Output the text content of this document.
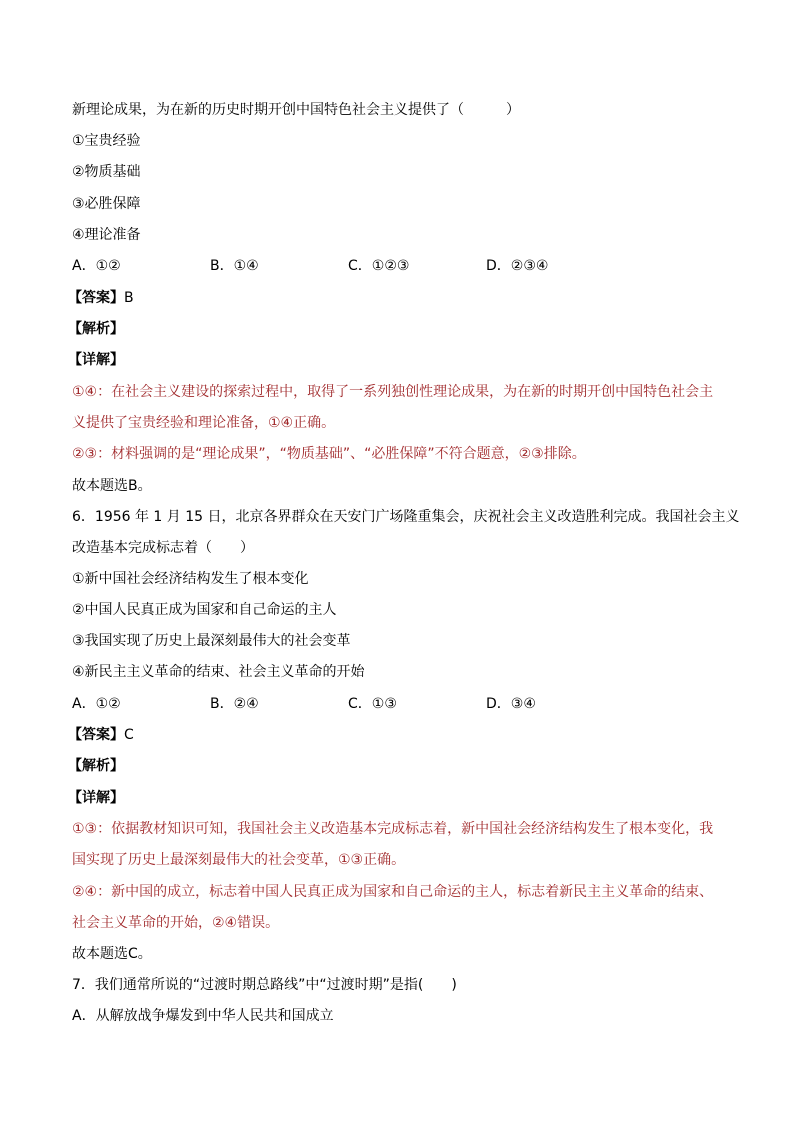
新理论成果，为在新的历史时期开创中国特色社会主义提供了（　　　）
①宝贵经验
②物质基础
③必胜保障
④理论准备
A．①②	B．①④	C．①②③	D．②③④
【答案】B
【解析】
【详解】
①④：在社会主义建设的探索过程中，取得了一系列独创性理论成果，为在新的时期开创中国特色社会主
义提供了宝贵经验和理论准备，①④正确。
②③：材料强调的是“理论成果”，“物质基础”、“必胜保障”不符合题意，②③排除。
故本题选B。
6．1956 年 1 月 15 日，北京各界群众在天安门广场隆重集会，庆祝社会主义改造胜利完成。我国社会主义
改造基本完成标志着（　　）
①新中国社会经济结构发生了根本变化
②中国人民真正成为国家和自己命运的主人
③我国实现了历史上最深刻最伟大的社会变革
④新民主主义革命的结束、社会主义革命的开始
A．①②	B．②④	C．①③	D．③④
【答案】C
【解析】
【详解】
①③：依据教材知识可知，我国社会主义改造基本完成标志着，新中国社会经济结构发生了根本变化，我
国实现了历史上最深刻最伟大的社会变革，①③正确。
②④：新中国的成立，标志着中国人民真正成为国家和自己命运的主人，标志着新民主主义革命的结束、
社会主义革命的开始，②④错误。
故本题选C。
7．我们通常所说的“过渡时期总路线”中“过渡时期”是指(　　)
A．从解放战争爆发到中华人民共和国成立
